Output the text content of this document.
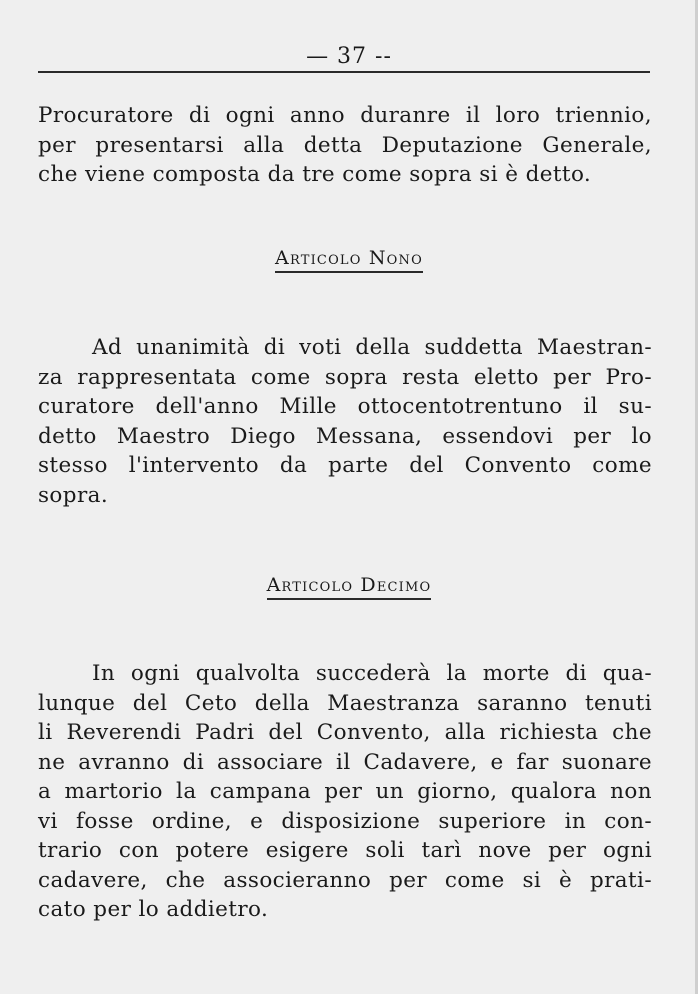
— 37 --

Procuratore di ogni anno duranre il loro triennio,
per presentarsi alla detta Deputazione Generale,
che viene composta da tre come sopra si è detto.

Articolo Nono

Ad unanimità di voti della suddetta Maestran-
za rappresentata come sopra resta eletto per Pro-
curatore dell'anno Mille ottocentotrentuno il su-
detto Maestro Diego Messana, essendovi per lo
stesso l'intervento da parte del Convento come
sopra.

Articolo Decimo

In ogni qualvolta succederà la morte di qua-
lunque del Ceto della Maestranza saranno tenuti
li Reverendi Padri del Convento, alla richiesta che
ne avranno di associare il Cadavere, e far suonare
a martorio la campana per un giorno, qualora non
vi fosse ordine, e disposizione superiore in con-
trario con potere esigere soli tarì nove per ogni
cadavere, che associeranno per come si è prati-
cato per lo addietro.
